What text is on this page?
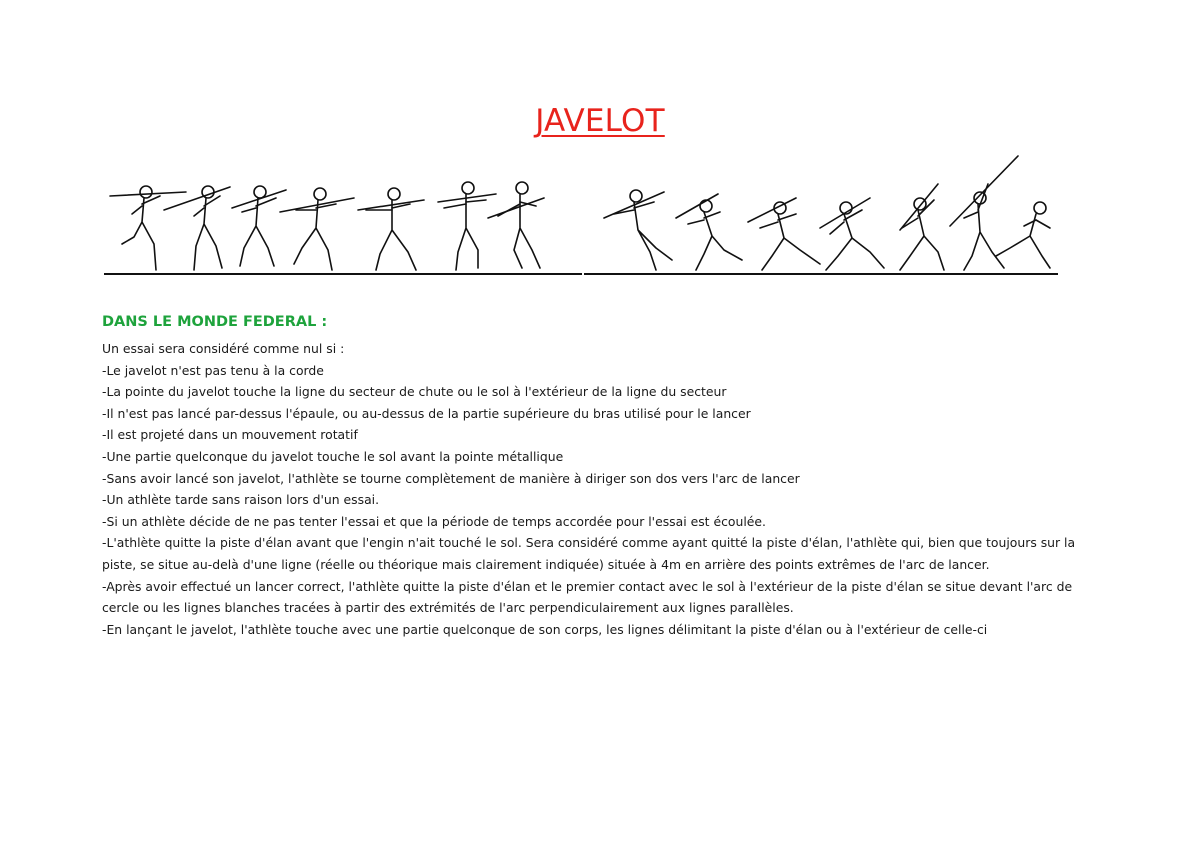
JAVELOT
DANS LE MONDE FEDERAL :
Un essai sera considéré comme nul si :
-Le javelot n'est pas tenu à la corde
-La pointe du javelot touche la ligne du secteur de chute ou le sol à l'extérieur de la ligne du secteur
-Il n'est pas lancé par-dessus l'épaule, ou au-dessus de la partie supérieure du bras utilisé pour le lancer
-Il est projeté dans un mouvement rotatif
-Une partie quelconque du javelot touche le sol avant la pointe métallique
-Sans avoir lancé son javelot, l'athlète se tourne complètement de manière à diriger son dos vers l'arc de lancer
-Un athlète tarde sans raison lors d'un essai.
-Si un athlète décide de ne pas tenter l'essai et que la période de temps accordée pour l'essai est écoulée.
-L'athlète quitte la piste d'élan avant que l'engin n'ait touché le sol. Sera considéré comme ayant quitté la piste d'élan, l'athlète qui, bien que toujours sur la
piste, se situe au-delà d'une ligne (réelle ou théorique mais clairement indiquée) située à 4m en arrière des points extrêmes de l'arc de lancer.
-Après avoir effectué un lancer correct, l'athlète quitte la piste d'élan et le premier contact avec le sol à l'extérieur de la piste d'élan se situe devant l'arc de
cercle ou les lignes blanches tracées à partir des extrémités de l'arc perpendiculairement aux lignes parallèles.
-En lançant le javelot, l'athlète touche avec une partie quelconque de son corps, les lignes délimitant la piste d'élan ou à l'extérieur de celle-ci
